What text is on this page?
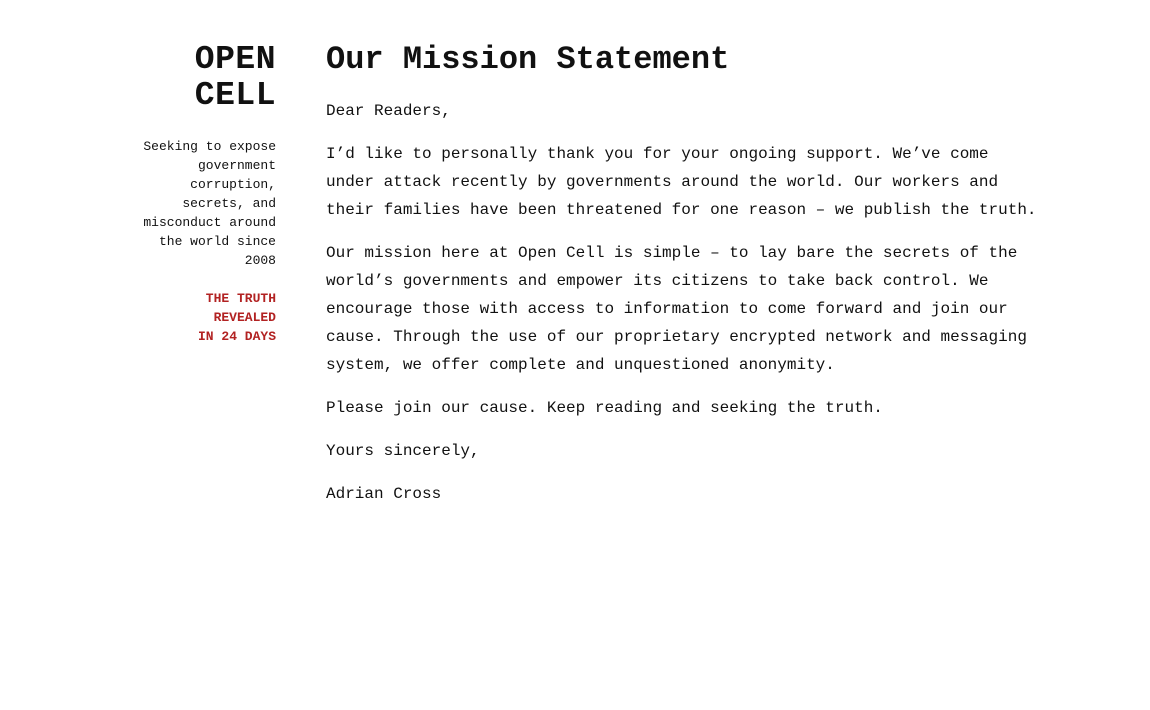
OPEN
CELL

Seeking to expose government corruption, secrets, and misconduct around the world since 2008

THE TRUTH
REVEALED
IN 24 DAYS

Our Mission Statement

Dear Readers,

I’d like to personally thank you for your ongoing support. We’ve come under attack recently by governments around the world. Our workers and their families have been threatened for one reason – we publish the truth.

Our mission here at Open Cell is simple – to lay bare the secrets of the world’s governments and empower its citizens to take back control. We encourage those with access to information to come forward and join our cause. Through the use of our proprietary encrypted network and messaging system, we offer complete and unquestioned anonymity.

Please join our cause. Keep reading and seeking the truth.

Yours sincerely,

Adrian Cross
